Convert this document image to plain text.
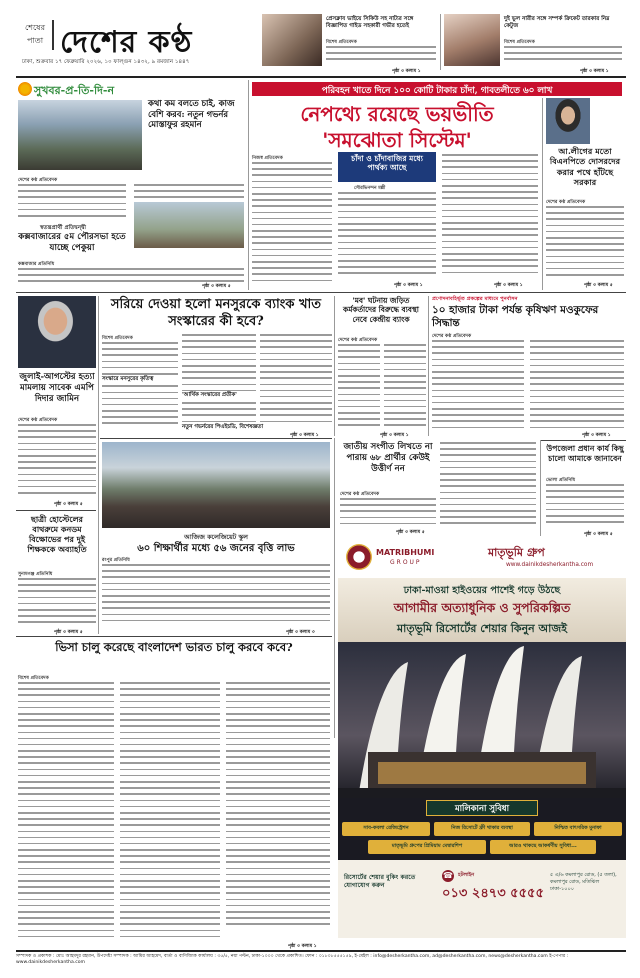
শেষের
পাতা দেশের কণ্ঠ
ঢাকা, শুক্রবার ১৭ ফেব্রুয়ারি ২০২৬, ১০ ফাল্গুন ১৪৩২, ৯ রমজান ১৪৪৭
প্রেসক্লাব ভাইয়ে সিকিউ সহ নাট্যর সঙ্গে বিজ্ঞাপিত গাইড সহকারী গভীর হতেই
বিশেষ প্রতিবেদক
পৃষ্ঠা ৩ কলাম ১
দুই ভুল নারীর সঙ্গে সম্পর্ক ক্রিকেট তারকার নিম্ন কেটুজ
বিশেষ প্রতিবেদক
পৃষ্ঠা ৩ কলাম ১
সুখবর-প্র-তি-দি-ন
কথা কম বলতে চাই, কাজ বেশি করব: নতুন গভর্নর মোস্তাফুর রহমান
দেশের কণ্ঠ প্রতিবেদক
স্বতন্ত্রপ্রার্থী প্রতিদ্বন্দ্বী
কক্সবাজারের ৫ম পৌরসভা হতে যাচ্ছে পেকুয়া
কক্সবাজার প্রতিনিধি
পৃষ্ঠা ৩ কলাম ৫
পরিবহন খাতে দিনে ১০০ কোটি টাকার চাঁদা, গাবতলীতে ৬০ লাখ
নেপথ্যে রয়েছে ভয়ভীতি
'সমঝোতা সিস্টেম'
নিজস্ব প্রতিবেদক	চাঁদা ও চাঁদাবাজির মধ্যে পার্থক্য আছে
সৌরভিনন্দন মল্লী
পৃষ্ঠা ৩ কলাম ১	পৃষ্ঠা ৩ কলাম ১
আ.লীগের মতো বিএনপিতে দোসরদের করার পথে হাঁটছে সরকার
দেশের কণ্ঠ প্রতিবেদক
পৃষ্ঠা ৩ কলাম ৫
সরিয়ে দেওয়া হলো মনসুরকে ব্যাংক খাত সংস্কারের কী হবে?
জুলাই-আগস্টের হত্যা মামলায় সাবেক এমপি দিদার জামিন
দেশের কণ্ঠ প্রতিবেদক
পৃষ্ঠা ৩ কলাম ৫
বিশেষ প্রতিবেদক
সংস্কারে মনসুরের কৃতিত্ব
'আর্থিক সংস্কারের প্রতীক'
নতুন গভর্নরের পিএইচডি, বিশেষজ্ঞতা
পৃষ্ঠা ৩ কলাম ১
'মব' ঘটনায় জড়িত কর্মকর্তাদের বিরুদ্ধে ব্যবস্থা নেবে কেন্দ্রীয় ব্যাংক
দেশের কণ্ঠ প্রতিবেদক
পৃষ্ঠা ৩ কলাম ১
প্রণোদনাবহির্ভূত প্রকল্পের মাধ্যমে পুনর্বাসন
১০ হাজার টাকা পর্যন্ত কৃষিঋণ মওকুফের সিদ্ধান্ত
দেশের কণ্ঠ প্রতিবেদক
পৃষ্ঠা ৩ কলাম ১
ছাত্রী হোস্টেলের বাথরুমে কনডম বিক্ষোভের পর দুই শিক্ষককে অব্যাহতি
সুনামগঞ্জ প্রতিনিধি
পৃষ্ঠা ৩ কলাম ৫
আজিজ কলেজিয়েট স্কুল
৬০ শিক্ষার্থীর মধ্যে ৫৬ জনের বৃত্তি লাভ
রংপুর প্রতিনিধি
পৃষ্ঠা ৩ কলাম ৩
ভিসা চালু করেছে বাংলাদেশ ভারত চালু করবে কবে?
বিশেষ প্রতিবেদক
পৃষ্ঠা ৩ কলাম ১
জাতীয় সংগীত লিখতে না পারায় ৬৮ প্রার্থীর কেউই উত্তীর্ণ নন
দেশের কণ্ঠ প্রতিবেদক
পৃষ্ঠা ৩ কলাম ৫
উপজেলা প্রধান কার্য কিছু চালো আমাকে জানাবেন
ভোলা প্রতিনিধি
পৃষ্ঠা ৩ কলাম ৫
MATRIBHUMI
GROUP
মাতৃভূমি গ্রুপ
www.dainikdesherkantha.com
ঢাকা-মাওয়া হাইওয়ের পাশেই গড়ে উঠছে
আগামীর অত্যাধুনিক ও সুপরিকল্পিত
মাতৃভূমি রিসোর্টের শেয়ার কিনুন আজই
মালিকানা সুবিধা
সাব-কবলা রেজিস্ট্রেশন	নিজ রিসোর্টে ফ্রী থাকার ব্যবস্থা	নিশ্চিত বাৎসরিক মুনাফা
মাতৃভূমি গ্রুপের প্রিমিয়াম মেম্বারশিপ	আরও থাকছে আকর্ষণীয় সুবিধা...
রিসোর্টের শেয়ার বুকিং করতে যোগাযোগ করুন
☎ হটলাইন
০১৩ ২৪৭৩ ৫৫৫৫
৫ এ/৬ কমলাপুর রোড, (৫ তলা), কমলাপুর রোড, মতিঝিল ঢাকা-১০০০
সম্পাদক ও প্রকাশক : মোঃ আহমদুর রহমান, উপদেষ্টা সম্পাদক : আমির আহমেদ, বার্তা ও বাণিজ্যিক কার্যালয় : ৩৫/৫, নয়া পল্টন, ঢাকা-১০০০ থেকে প্রকাশিত। ফোন : ০১৮০৮৫৫৫১৫৯, ই-মেইল : info@desherkantha.com, ad@desherkantha.com, news@desherkantha.com ই-পেপার : www.dainikdesherkantha.com
